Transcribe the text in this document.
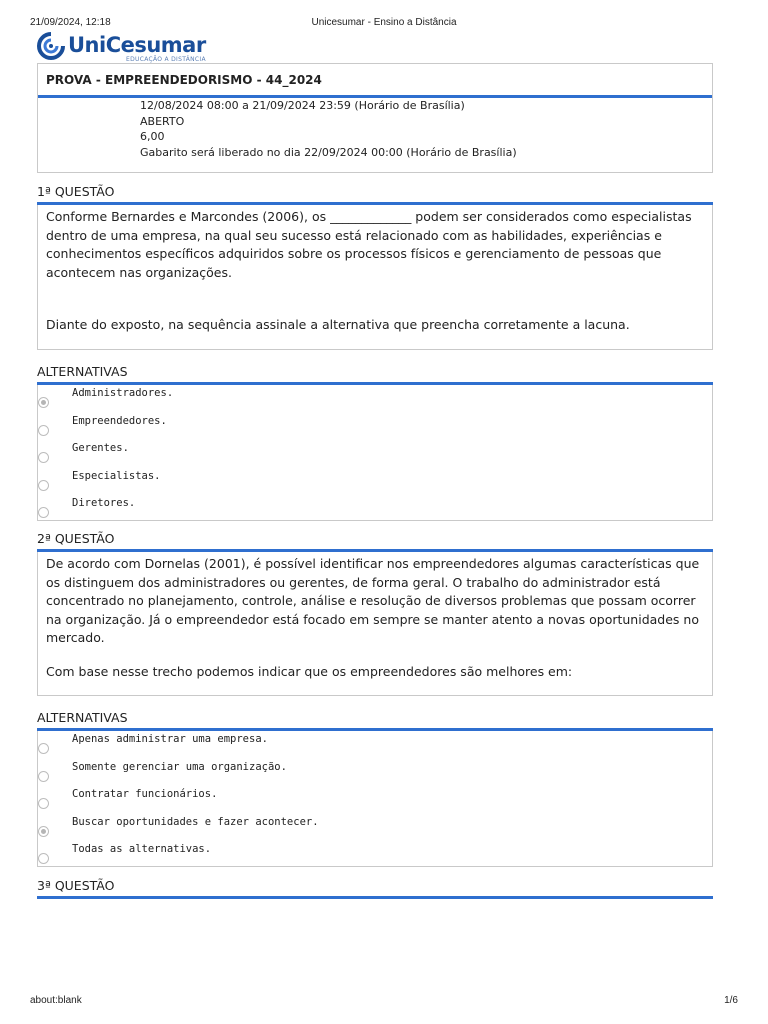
21/09/2024, 12:18	Unicesumar - Ensino a Distância
UniCesumar
EDUCAÇÃO A DISTÂNCIA
PROVA - EMPREENDEDORISMO - 44_2024
12/08/2024 08:00 a 21/09/2024 23:59 (Horário de Brasília)
ABERTO
6,00
Gabarito será liberado no dia 22/09/2024 00:00 (Horário de Brasília)
1ª QUESTÃO

Conforme Bernardes e Marcondes (2006), os _____________ podem ser considerados como especialistas dentro de uma empresa, na qual seu sucesso está relacionado com as habilidades, experiências e conhecimentos específicos adquiridos sobre os processos físicos e gerenciamento de pessoas que acontecem nas organizações.

Diante do exposto, na sequência assinale a alternativa que preencha corretamente a lacuna.

ALTERNATIVAS
Administradores.
Empreendedores.
Gerentes.
Especialistas.
Diretores.
2ª QUESTÃO

De acordo com Dornelas (2001), é possível identificar nos empreendedores algumas características que os distinguem dos administradores ou gerentes, de forma geral. O trabalho do administrador está concentrado no planejamento, controle, análise e resolução de diversos problemas que possam ocorrer na organização. Já o empreendedor está focado em sempre se manter atento a novas oportunidades no mercado.

Com base nesse trecho podemos indicar que os empreendedores são melhores em:

ALTERNATIVAS
Apenas administrar uma empresa.
Somente gerenciar uma organização.
Contratar funcionários.
Buscar oportunidades e fazer acontecer.
Todas as alternativas.
3ª QUESTÃO
about:blank	1/6
